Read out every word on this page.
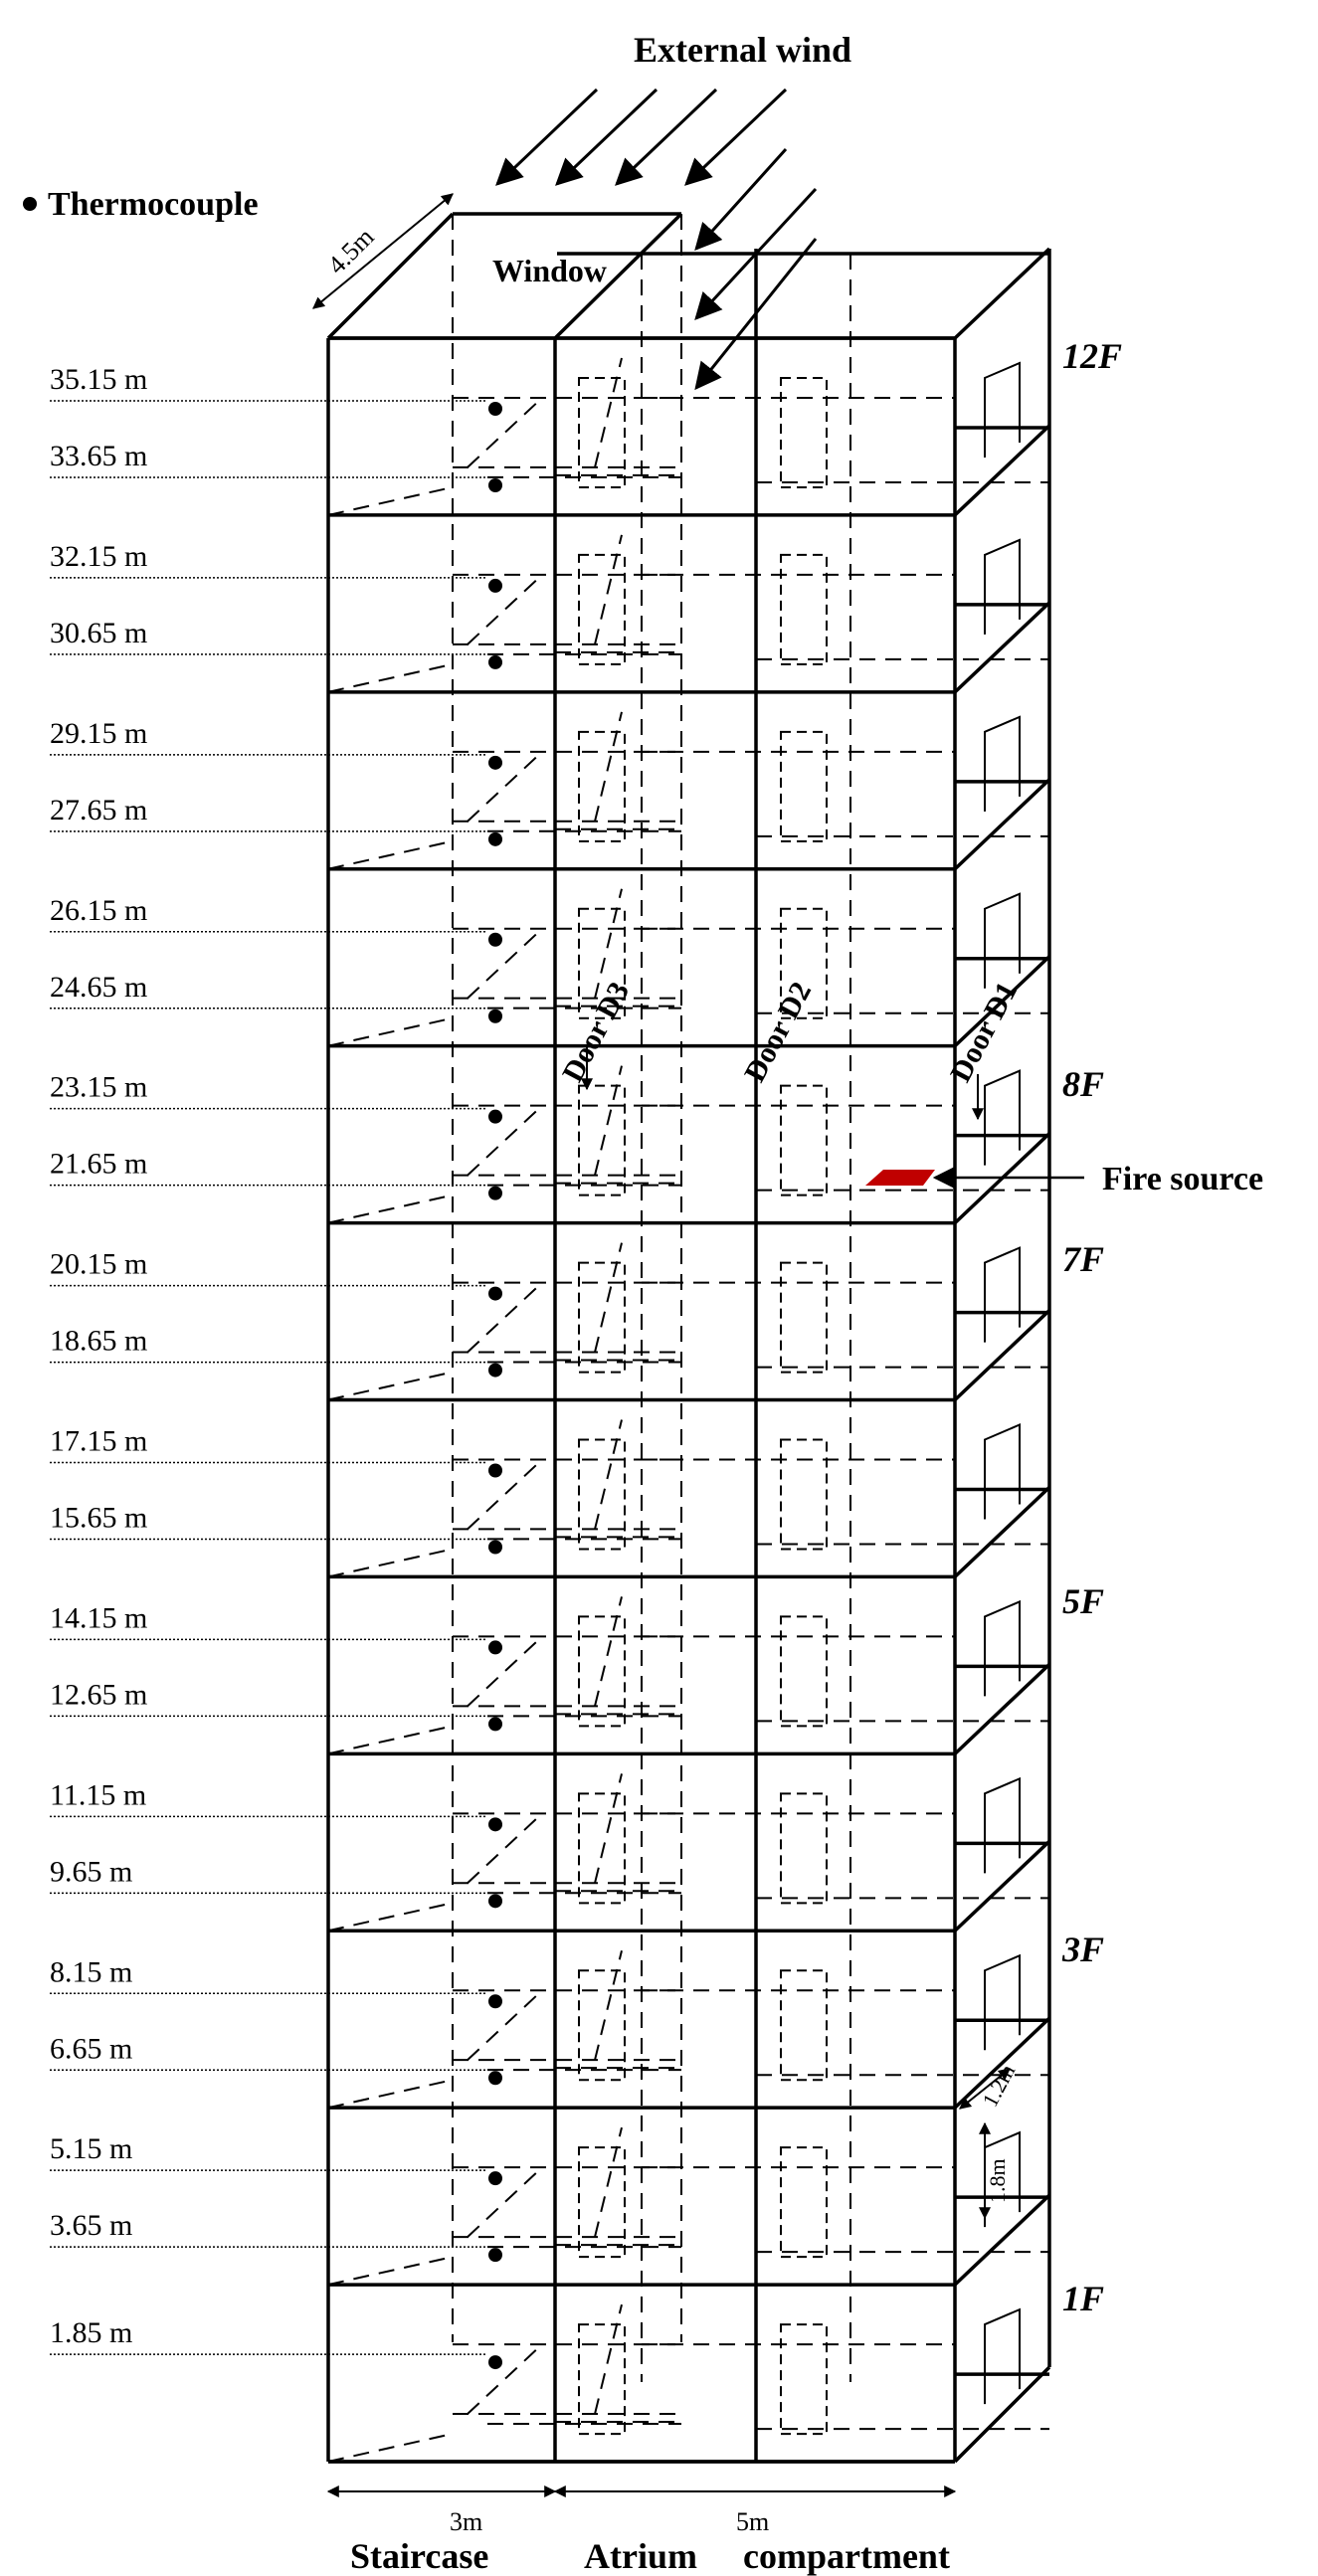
External wind
Thermocouple
Window
Fire source
Door D3	Door D2	Door D1
4.5m
3m	5m
1.2m
1.8m
Staircase	Atrium compartment
12F
8F
7F
5F
3F
1F
35.15 m
33.65 m
32.15 m
30.65 m
29.15 m
27.65 m
26.15 m
24.65 m
23.15 m
21.65 m
20.15 m
18.65 m
17.15 m
15.65 m
14.15 m
12.65 m
11.15 m
9.65 m
8.15 m
6.65 m
5.15 m
3.65 m
1.85 m
